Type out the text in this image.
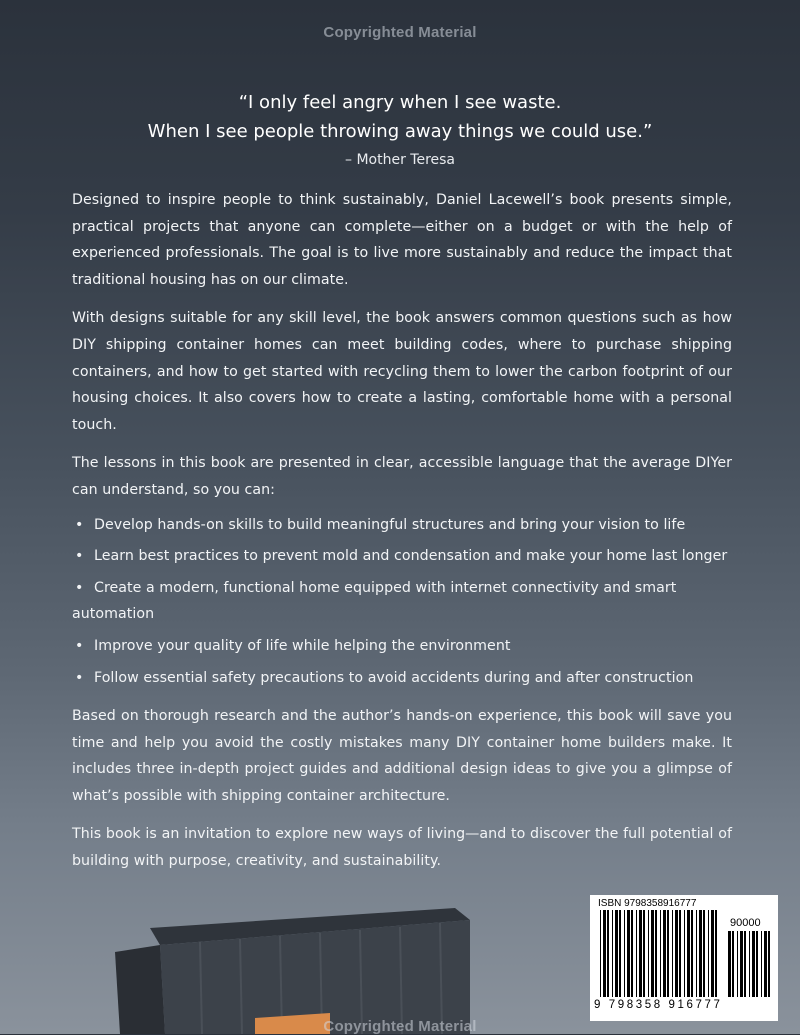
Copyrighted Material
“I only feel angry when I see waste.
When I see people throwing away things we could use.”
– Mother Teresa

Designed to inspire people to think sustainably, Daniel Lacewell’s book presents simple, practical projects that anyone can complete—either on a budget or with the help of experienced professionals. The goal is to live more sustainably and reduce the impact that traditional housing has on our climate.

With designs suitable for any skill level, the book answers common questions such as how DIY shipping container homes can meet building codes, where to purchase shipping containers, and how to get started with recycling them to lower the carbon footprint of our housing choices. It also covers how to create a lasting, comfortable home with a personal touch.

The lessons in this book are presented in clear, accessible language that the average DIYer can understand, so you can:

• Develop hands-on skills to build meaningful structures and bring your vision to life
• Learn best practices to prevent mold and condensation and make your home last longer
• Create a modern, functional home equipped with internet connectivity and smart automation
• Improve your quality of life while helping the environment
• Follow essential safety precautions to avoid accidents during and after construction

Based on thorough research and the author’s hands-on experience, this book will save you time and help you avoid the costly mistakes many DIY container home builders make. It includes three in-depth project guides and additional design ideas to give you a glimpse of what’s possible with shipping container architecture.

This book is an invitation to explore new ways of living—and to discover the full potential of building with purpose, creativity, and sustainability.

ISBN 9798358916777
90000
9 798358 916777
Copyrighted Material
